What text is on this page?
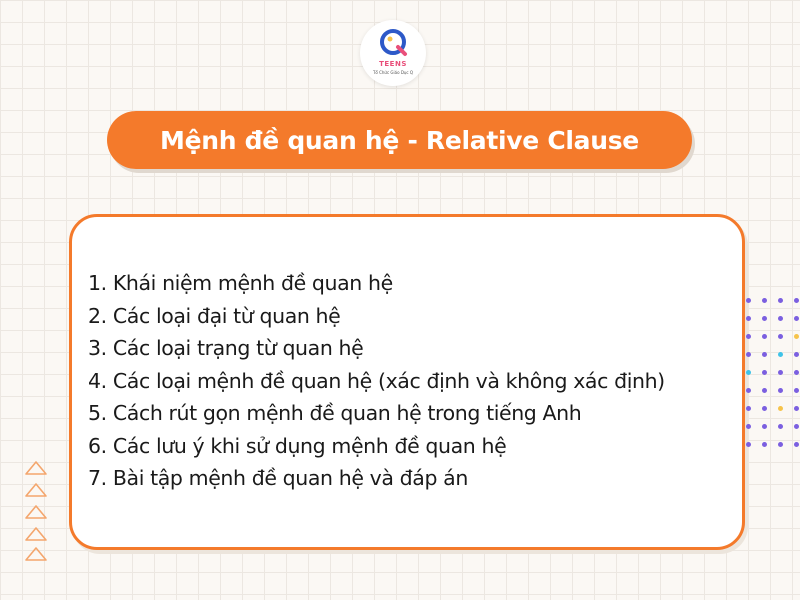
TEENS
Tổ Chức Giáo Dục Q
Mệnh đề quan hệ - Relative Clause
1. Khái niệm mệnh đề quan hệ
2. Các loại đại từ quan hệ
3. Các loại trạng từ quan hệ
4. Các loại mệnh đề quan hệ (xác định và không xác định)
5. Cách rút gọn mệnh đề quan hệ trong tiếng Anh
6. Các lưu ý khi sử dụng mệnh đề quan hệ
7. Bài tập mệnh đề quan hệ và đáp án
